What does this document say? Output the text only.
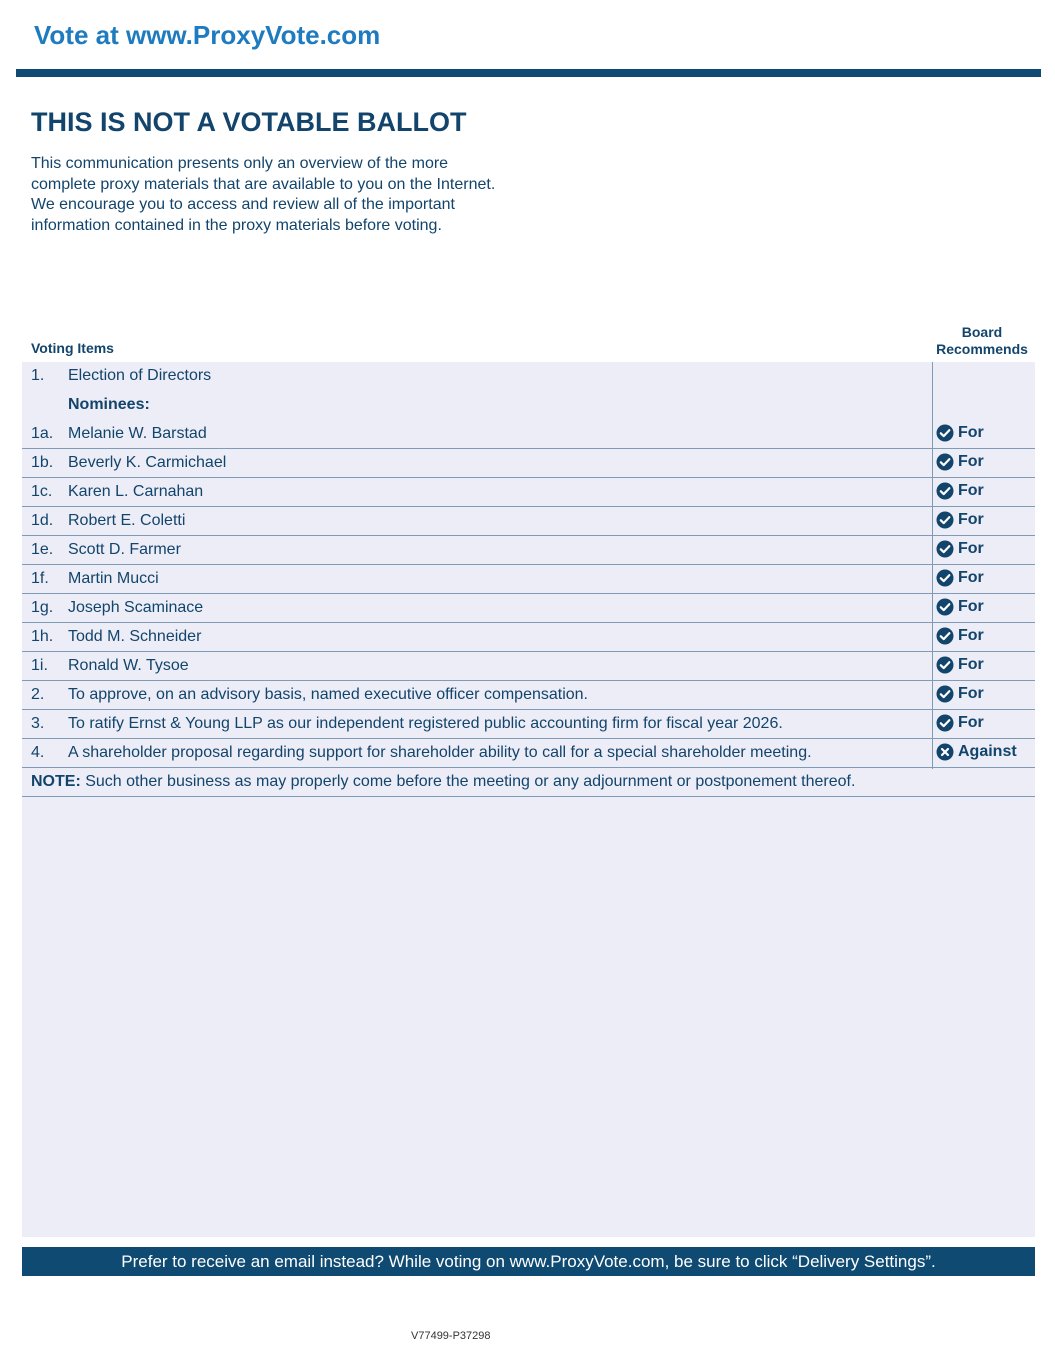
Vote at www.ProxyVote.com
THIS IS NOT A VOTABLE BALLOT

This communication presents only an overview of the more complete proxy materials that are available to you on the Internet. We encourage you to access and review all of the important information contained in the proxy materials before voting.

Voting Items
Board
Recommends
1. Election of Directors
Nominees:
1a. Melanie W. Barstad	For
1b. Beverly K. Carmichael	For
1c. Karen L. Carnahan	For
1d. Robert E. Coletti	For
1e. Scott D. Farmer	For
1f. Martin Mucci	For
1g. Joseph Scaminace	For
1h. Todd M. Schneider	For
1i. Ronald W. Tysoe	For
2. To approve, on an advisory basis, named executive officer compensation.	For
3. To ratify Ernst & Young LLP as our independent registered public accounting firm for fiscal year 2026.	For
4. A shareholder proposal regarding support for shareholder ability to call for a special shareholder meeting.	Against
NOTE: Such other business as may properly come before the meeting or any adjournment or postponement thereof.
Prefer to receive an email instead? While voting on www.ProxyVote.com, be sure to click “Delivery Settings”.
V77499-P37298
